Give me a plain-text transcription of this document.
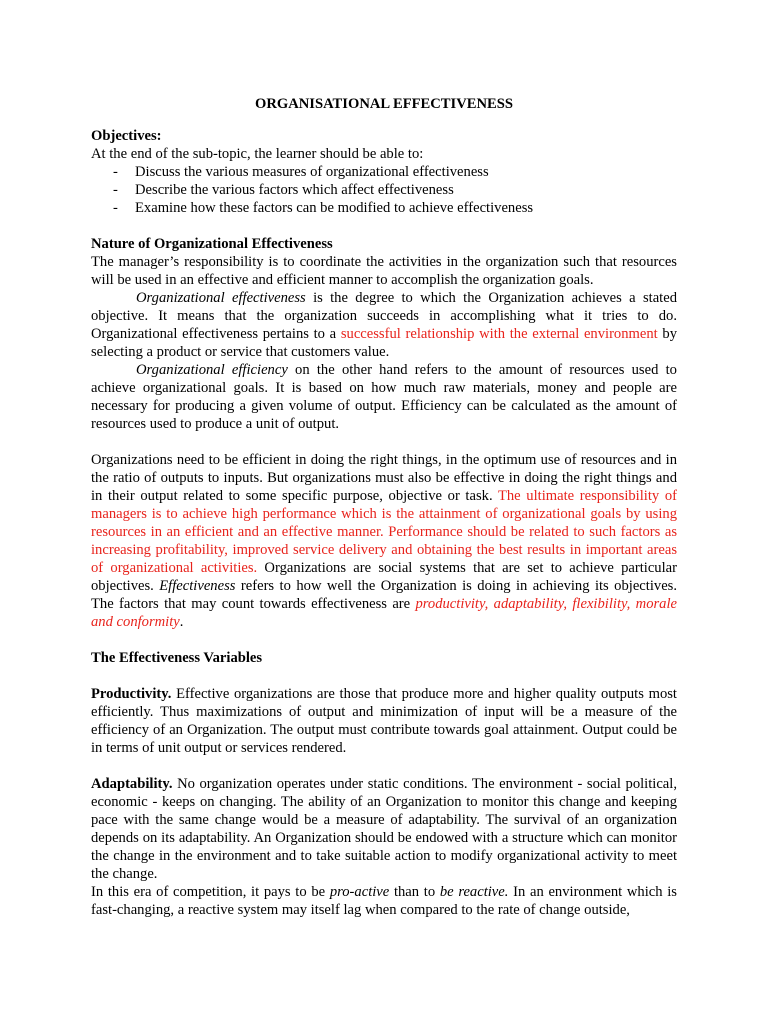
ORGANISATIONAL EFFECTIVENESS
Objectives:

At the end of the sub-topic, the learner should be able to:

-	Discuss the various measures of organizational effectiveness
-	Describe the various factors which affect effectiveness
-	Examine how these factors can be modified to achieve effectiveness
Nature of Organizational Effectiveness

The manager’s responsibility is to coordinate the activities in the organization such that resources will be used in an effective and efficient manner to accomplish the organization goals.

Organizational effectiveness is the degree to which the Organization achieves a stated objective. It means that the organization succeeds in accomplishing what it tries to do. Organizational effectiveness pertains to a successful relationship with the external environment by selecting a product or service that customers value.

Organizational efficiency on the other hand refers to the amount of resources used to achieve organizational goals. It is based on how much raw materials, money and people are necessary for producing a given volume of output. Efficiency can be calculated as the amount of resources used to produce a unit of output.

Organizations need to be efficient in doing the right things, in the optimum use of resources and in the ratio of outputs to inputs. But organizations must also be effective in doing the right things and in their output related to some specific purpose, objective or task. The ultimate responsibility of managers is to achieve high performance which is the attainment of organizational goals by using resources in an efficient and an effective manner. Performance should be related to such factors as increasing profitability, improved service delivery and obtaining the best results in important areas of organizational activities. Organizations are social systems that are set to achieve particular objectives. Effectiveness refers to how well the Organization is doing in achieving its objectives. The factors that may count towards effectiveness are productivity, adaptability, flexibility, morale and conformity.

The Effectiveness Variables

Productivity. Effective organizations are those that produce more and higher quality outputs most efficiently. Thus maximizations of output and minimization of input will be a measure of the efficiency of an Organization. The output must contribute towards goal attainment. Output could be in terms of unit output or services rendered.

Adaptability. No organization operates under static conditions. The environment - social political, economic - keeps on changing. The ability of an Organization to monitor this change and keeping pace with the same change would be a measure of adaptability. The survival of an organization depends on its adaptability. An Organization should be endowed with a structure which can monitor the change in the environment and to take suitable action to modify organizational activity to meet the change.

In this era of competition, it pays to be pro-active than to be reactive. In an environment which is fast-changing, a reactive system may itself lag when compared to the rate of change outside,
